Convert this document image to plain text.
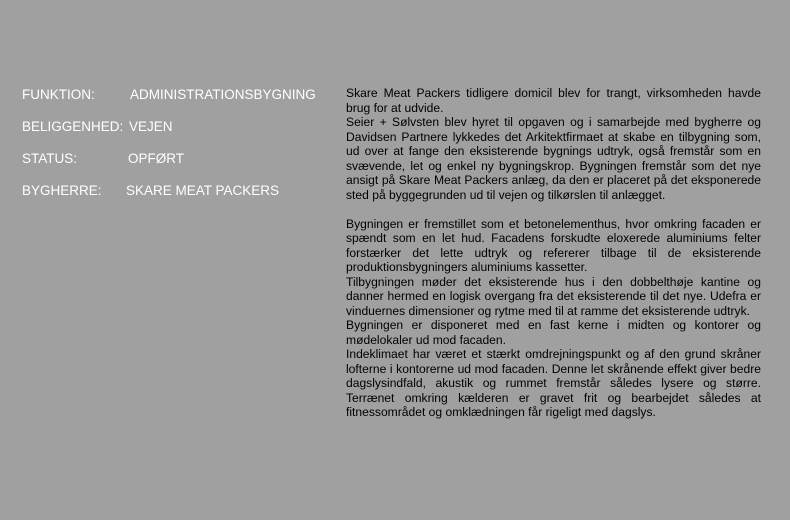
FUNKTION:	ADMINISTRATIONSBYGNING
BELIGGENHED: VEJEN
STATUS:	OPFØRT
BYGHERRE: SKARE MEAT PACKERS

Skare Meat Packers tidligere domicil blev for trangt, virksomheden havde brug for at udvide.

Seier + Sølvsten blev hyret til opgaven og i samarbejde med bygherre og Davidsen Partnere lykkedes det Arkitektfirmaet at skabe en tilbygning som, ud over at fange den eksisterende bygnings udtryk, også fremstår som en svævende, let og enkel ny bygningskrop. Bygningen fremstår som det nye ansigt på Skare Meat Packers anlæg, da den er placeret på det eksponerede sted på byggegrunden ud til vejen og tilkørslen til anlægget.

Bygningen er fremstillet som et betonelementhus, hvor omkring facaden er spændt som en let hud. Facadens forskudte eloxerede aluminiums felter forstærker det lette udtryk og refererer tilbage til de eksisterende produktionsbygningers aluminiums kassetter.

Tilbygningen møder det eksisterende hus i den dobbelthøje kantine og danner hermed en logisk overgang fra det eksisterende til det nye. Udefra er vinduernes dimensioner og rytme med til at ramme det eksisterende udtryk.

Bygningen er disponeret med en fast kerne i midten og kontorer og mødelokaler ud mod facaden.

Indeklimaet har været et stærkt omdrejningspunkt og af den grund skråner lofterne i kontorerne ud mod facaden. Denne let skrånende effekt giver bedre dagslysindfald, akustik og rummet fremstår således lysere og større. Terrænet omkring kælderen er gravet frit og bearbejdet således at fitnessområdet og omklædningen får rigeligt med dagslys.
